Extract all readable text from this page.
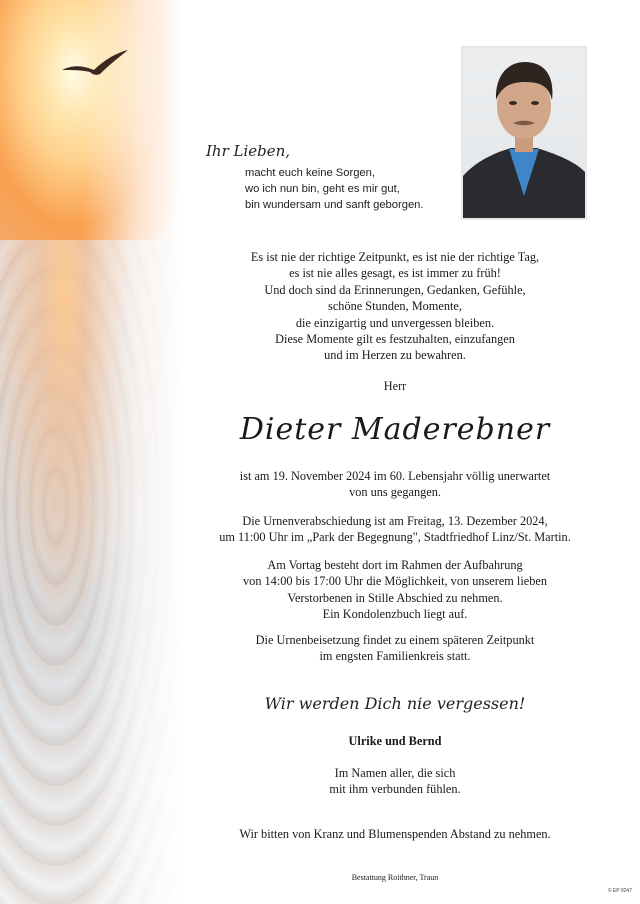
Ihr Lieben,
macht euch keine Sorgen,
wo ich nun bin, geht es mir gut,
bin wundersam und sanft geborgen.
Es ist nie der richtige Zeitpunkt, es ist nie der richtige Tag,
es ist nie alles gesagt, es ist immer zu früh!
Und doch sind da Erinnerungen, Gedanken, Gefühle,
schöne Stunden, Momente,
die einzigartig und unvergessen bleiben.
Diese Momente gilt es festzuhalten, einzufangen
und im Herzen zu bewahren.
Herr
Dieter Maderebner
ist am 19. November 2024 im 60. Lebensjahr völlig unerwartet
von uns gegangen.
Die Urnenverabschiedung ist am Freitag, 13. Dezember 2024,
um 11:00 Uhr im „Park der Begegnung", Stadtfriedhof Linz/St. Martin.
Am Vortag besteht dort im Rahmen der Aufbahrung
von 14:00 bis 17:00 Uhr die Möglichkeit, von unserem lieben
Verstorbenen in Stille Abschied zu nehmen.
Ein Kondolenzbuch liegt auf.
Die Urnenbeisetzung findet zu einem späteren Zeitpunkt
im engsten Familienkreis statt.
Wir werden Dich nie vergessen!
Ulrike und Bernd
Im Namen aller, die sich
mit ihm verbunden fühlen.
Wir bitten von Kranz und Blumenspenden Abstand zu nehmen.
Bestattung Roithner, Traun
© EP 9247
